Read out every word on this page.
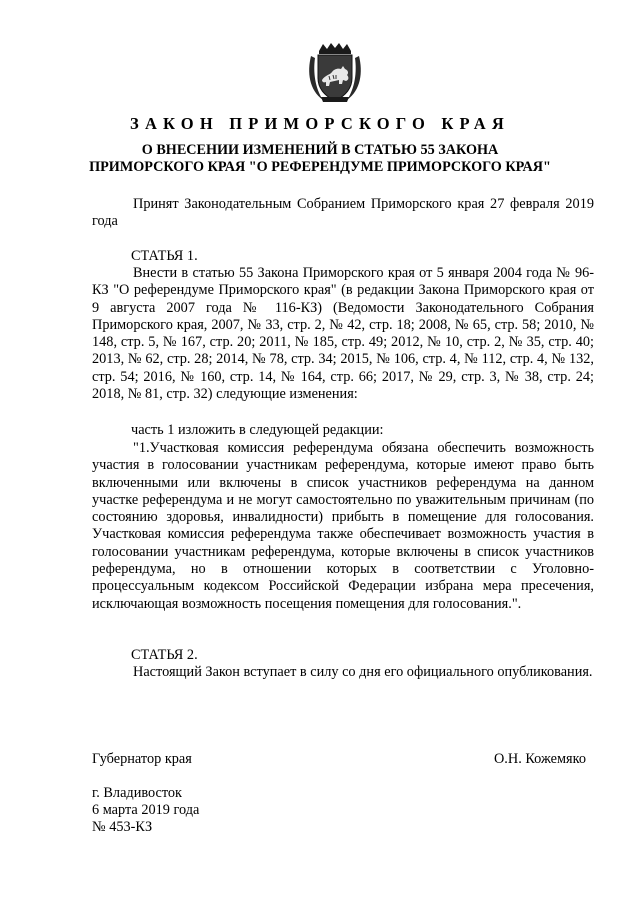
ЗАКОН ПРИМОРСКОГО КРАЯ
О ВНЕСЕНИИ ИЗМЕНЕНИЙ В СТАТЬЮ 55 ЗАКОНА
ПРИМОРСКОГО КРАЯ "О РЕФЕРЕНДУМЕ ПРИМОРСКОГО КРАЯ"

Принят Законодательным Собранием Приморского края 27 февраля 2019 года

СТАТЬЯ 1.

Внести в статью 55 Закона Приморского края от 5 января 2004 года № 96-КЗ "О референдуме Приморского края" (в редакции Закона Приморского края от 9 августа 2007 года № 116-КЗ) (Ведомости Законодательного Собрания Приморского края, 2007, № 33, стр. 2, № 42, стр. 18; 2008, № 65, стр. 58; 2010, № 148, стр. 5, № 167, стр. 20; 2011, № 185, стр. 49; 2012, № 10, стр. 2, № 35, стр. 40; 2013, № 62, стр. 28; 2014, № 78, стр. 34; 2015, № 106, стр. 4, № 112, стр. 4, № 132, стр. 54; 2016, № 160, стр. 14, № 164, стр. 66; 2017, № 29, стр. 3, № 38, стр. 24; 2018, № 81, стр. 32) следующие изменения:

часть 1 изложить в следующей редакции:

"1.Участковая комиссия референдума обязана обеспечить возможность участия в голосовании участникам референдума, которые имеют право быть включенными или включены в список участников референдума на данном участке референдума и не могут самостоятельно по уважительным причинам (по состоянию здоровья, инвалидности) прибыть в помещение для голосования. Участковая комиссия референдума также обеспечивает возможность участия в голосовании участникам референдума, которые включены в список участников референдума, но в отношении которых в соответствии с Уголовно-процессуальным кодексом Российской Федерации избрана мера пресечения, исключающая возможность посещения помещения для голосования.".

СТАТЬЯ 2.

Настоящий Закон вступает в силу со дня его официального опубликования.

Губернатор края	О.Н. Кожемяко

г. Владивосток

6 марта 2019 года

№ 453-КЗ
